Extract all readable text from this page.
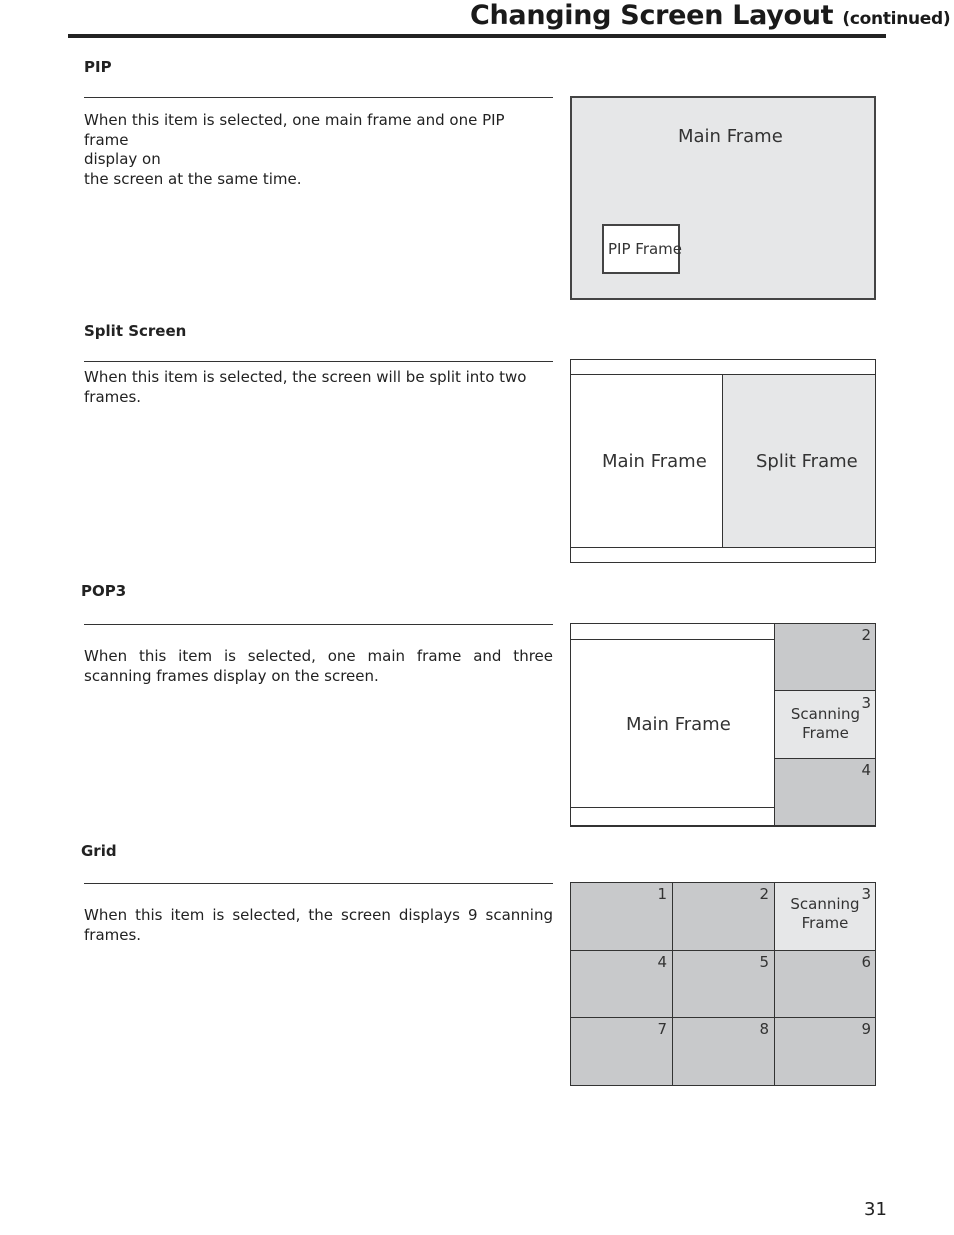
Changing Screen Layout (continued)
PIP
When this item is selected, one main frame and one PIP frame
display on
the screen at the same time.
Main Frame
PIP Frame
Split Screen
When this item is selected, the screen will be split into two frames.
Main Frame	Split Frame
POP3
When this item is selected, one main frame and three scanning frames display on the screen.
Main Frame
2
3
Scanning
Frame
4
Grid
When this item is selected, the screen displays 9 scanning frames.
1	2	3
Scanning
Frame
4	5	6
7	8	9
31
